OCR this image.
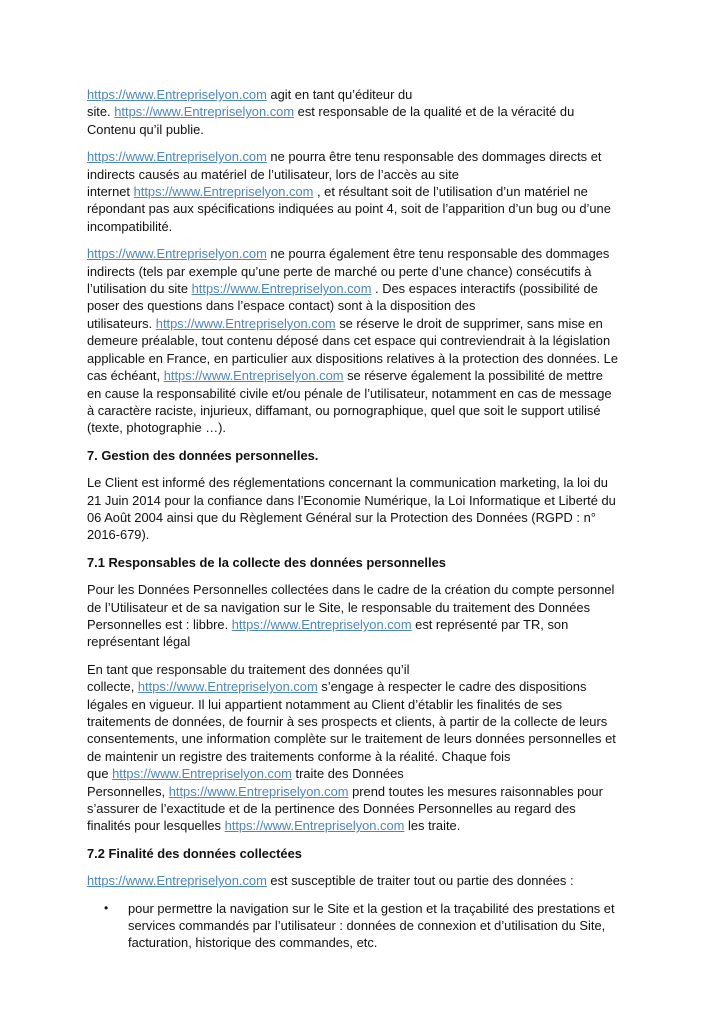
https://www.Entrepriselyon.com agit en tant qu’éditeur du
site. https://www.Entrepriselyon.com est responsable de la qualité et de la véracité du
Contenu qu’il publie.
https://www.Entrepriselyon.com ne pourra être tenu responsable des dommages directs et
indirects causés au matériel de l’utilisateur, lors de l’accès au site
internet https://www.Entrepriselyon.com , et résultant soit de l’utilisation d’un matériel ne
répondant pas aux spécifications indiquées au point 4, soit de l’apparition d’un bug ou d’une
incompatibilité.
https://www.Entrepriselyon.com ne pourra également être tenu responsable des dommages
indirects (tels par exemple qu’une perte de marché ou perte d’une chance) consécutifs à
l’utilisation du site https://www.Entrepriselyon.com . Des espaces interactifs (possibilité de
poser des questions dans l’espace contact) sont à la disposition des
utilisateurs. https://www.Entrepriselyon.com se réserve le droit de supprimer, sans mise en
demeure préalable, tout contenu déposé dans cet espace qui contreviendrait à la législation
applicable en France, en particulier aux dispositions relatives à la protection des données. Le
cas échéant, https://www.Entrepriselyon.com se réserve également la possibilité de mettre
en cause la responsabilité civile et/ou pénale de l’utilisateur, notamment en cas de message
à caractère raciste, injurieux, diffamant, ou pornographique, quel que soit le support utilisé
(texte, photographie …).
7. Gestion des données personnelles.
Le Client est informé des réglementations concernant la communication marketing, la loi du
21 Juin 2014 pour la confiance dans l’Economie Numérique, la Loi Informatique et Liberté du
06 Août 2004 ainsi que du Règlement Général sur la Protection des Données (RGPD : n°
2016-679).
7.1 Responsables de la collecte des données personnelles
Pour les Données Personnelles collectées dans le cadre de la création du compte personnel
de l’Utilisateur et de sa navigation sur le Site, le responsable du traitement des Données
Personnelles est : libbre. https://www.Entrepriselyon.com est représenté par TR, son
représentant légal
En tant que responsable du traitement des données qu’il
collecte, https://www.Entrepriselyon.com s’engage à respecter le cadre des dispositions
légales en vigueur. Il lui appartient notamment au Client d’établir les finalités de ses
traitements de données, de fournir à ses prospects et clients, à partir de la collecte de leurs
consentements, une information complète sur le traitement de leurs données personnelles et
de maintenir un registre des traitements conforme à la réalité. Chaque fois
que https://www.Entrepriselyon.com traite des Données
Personnelles, https://www.Entrepriselyon.com prend toutes les mesures raisonnables pour
s’assurer de l’exactitude et de la pertinence des Données Personnelles au regard des
finalités pour lesquelles https://www.Entrepriselyon.com les traite.
7.2 Finalité des données collectées
https://www.Entrepriselyon.com est susceptible de traiter tout ou partie des données :
• pour permettre la navigation sur le Site et la gestion et la traçabilité des prestations et
services commandés par l’utilisateur : données de connexion et d’utilisation du Site,
facturation, historique des commandes, etc.
